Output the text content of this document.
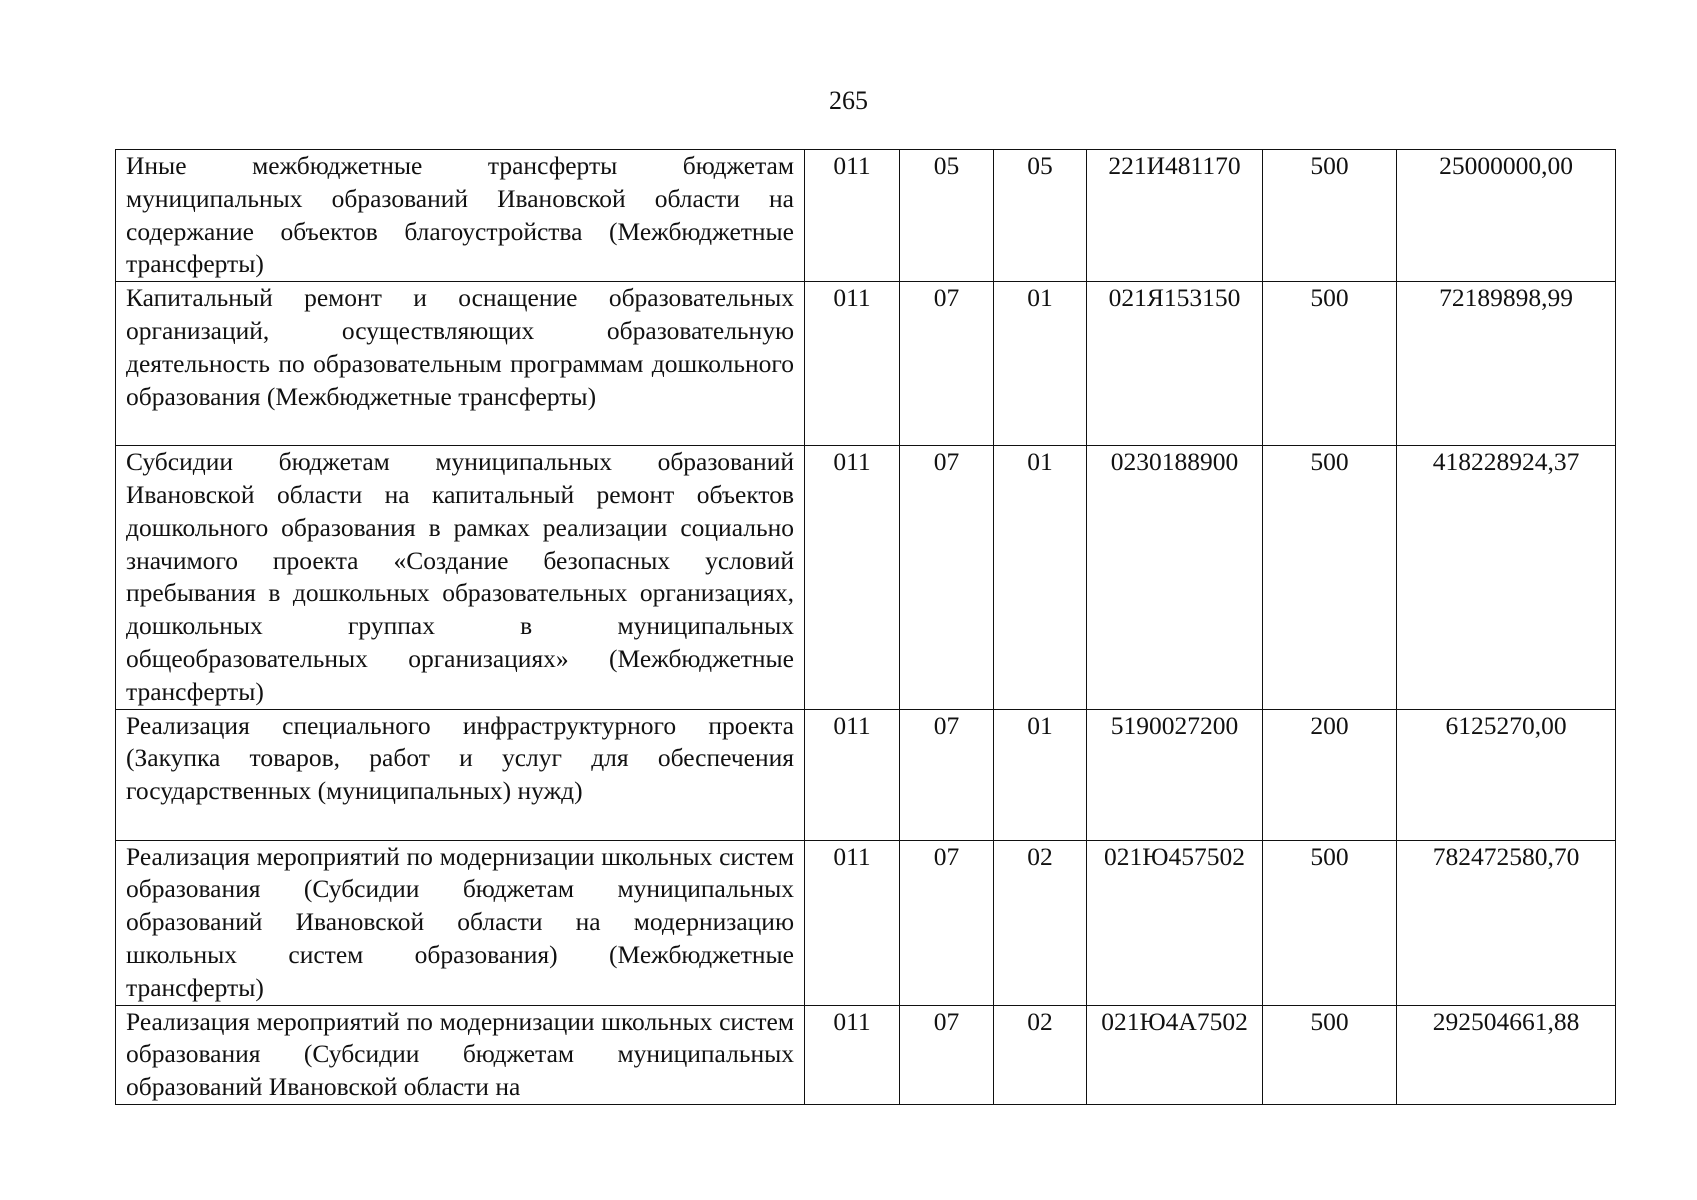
265
Иные межбюджетные трансферты бюджетам муниципальных образований Ивановской области на содержание объектов благоустройства (Межбюджетные трансферты)	011	05	05	221И481170	500	25000000,00
Капитальный ремонт и оснащение образовательных организаций, осуществляющих образовательную деятельность по образовательным программам дошкольного образования (Межбюджетные трансферты)	011	07	01	021Я153150	500	72189898,99
Субсидии бюджетам муниципальных образований Ивановской области на капитальный ремонт объектов дошкольного образования в рамках реализации социально значимого проекта «Создание безопасных условий пребывания в дошкольных образовательных организациях, дошкольных группах в муниципальных общеобразовательных организациях» (Межбюджетные трансферты)	011	07	01	0230188900	500	418228924,37
Реализация специального инфраструктурного проекта (Закупка товаров, работ и услуг для обеспечения государственных (муниципальных) нужд)	011	07	01	5190027200	200	6125270,00
Реализация мероприятий по модернизации школьных систем образования (Субсидии бюджетам муниципальных образований Ивановской области на модернизацию школьных систем образования) (Межбюджетные трансферты)	011	07	02	021Ю457502	500	782472580,70
Реализация мероприятий по модернизации школьных систем образования (Субсидии бюджетам муниципальных образований Ивановской области на	011	07	02	021Ю4А7502	500	292504661,88
